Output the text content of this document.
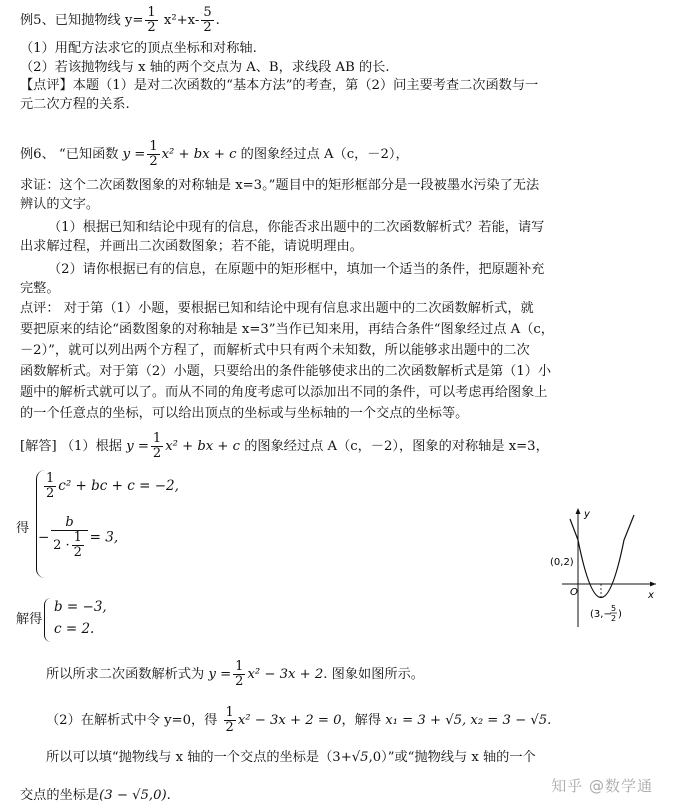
例5、已知抛物线 $y= \frac{1}{2} x^2+x- \frac{5}{2}$ .
（1）用配方法求它的顶点坐标和对称轴.
（2）若该抛物线与 x 轴的两个交点为 A、B，求线段 AB 的长.
【点评】本题（1）是对二次函数的“基本方法”的考查，第（2）问主要考查二次函数与一
元二次方程的关系.
例6、 “已知函数 $y = \frac{1}{2} x^2$ + bx + c 的图象经过点 A（c，－2），
求证：这个二次函数图象的对称轴是 x=3。”题目中的矩形框部分是一段被墨水污染了无法
辨认的文字。
（1）根据已知和结论中现有的信息，你能否求出题中的二次函数解析式？若能，请写
出求解过程，并画出二次函数图象；若不能，请说明理由。
（2）请你根据已有的信息，在原题中的矩形框中，填加一个适当的条件，把原题补充
完整。
点评： 对于第（1）小题，要根据已知和结论中现有信息求出题中的二次函数解析式，就
要把原来的结论“函数图象的对称轴是 x=3”当作已知来用，再结合条件“图象经过点 A（c，
－2）”，就可以列出两个方程了，而解析式中只有两个未知数，所以能够求出题中的二次
函数解析式。对于第（2）小题，只要给出的条件能够使求出的二次函数解析式是第（1）小
题中的解析式就可以了。而从不同的角度考虑可以添加出不同的条件，可以考虑再给图象上
的一个任意点的坐标，可以给出顶点的坐标或与坐标轴的一个交点的坐标等。
[解答] （1）根据 $y = \frac{1}{2} x^2$ + bx + c 的图象经过点 A（c，－2），图象的对称轴是 x=3，
得
$\frac{1}{2} c^2$ + bc + c = −2,
− $\frac{b}{2 \cdot \frac{1}{2}} = 3$,
解得
b = −3,
c = 2.
所以所求二次函数解析式为 $y = \frac{1}{2} x^2 - 3x + 2$. 图象如图所示。
（2）在解析式中令 y=0，得 $\frac{1}{2} x^2 - 3x + 2 = 0$，解得 x₁ = 3 + √5, x₂ = 3 − √5.
所以可以填“抛物线与 x 轴的一个交点的坐标是（3+√5,0）”或“抛物线与 x 轴的一个
交点的坐标是(3 − √5,0).
y
x
O
(0,2)
(3,−
5
2 )
知乎 @数学通
